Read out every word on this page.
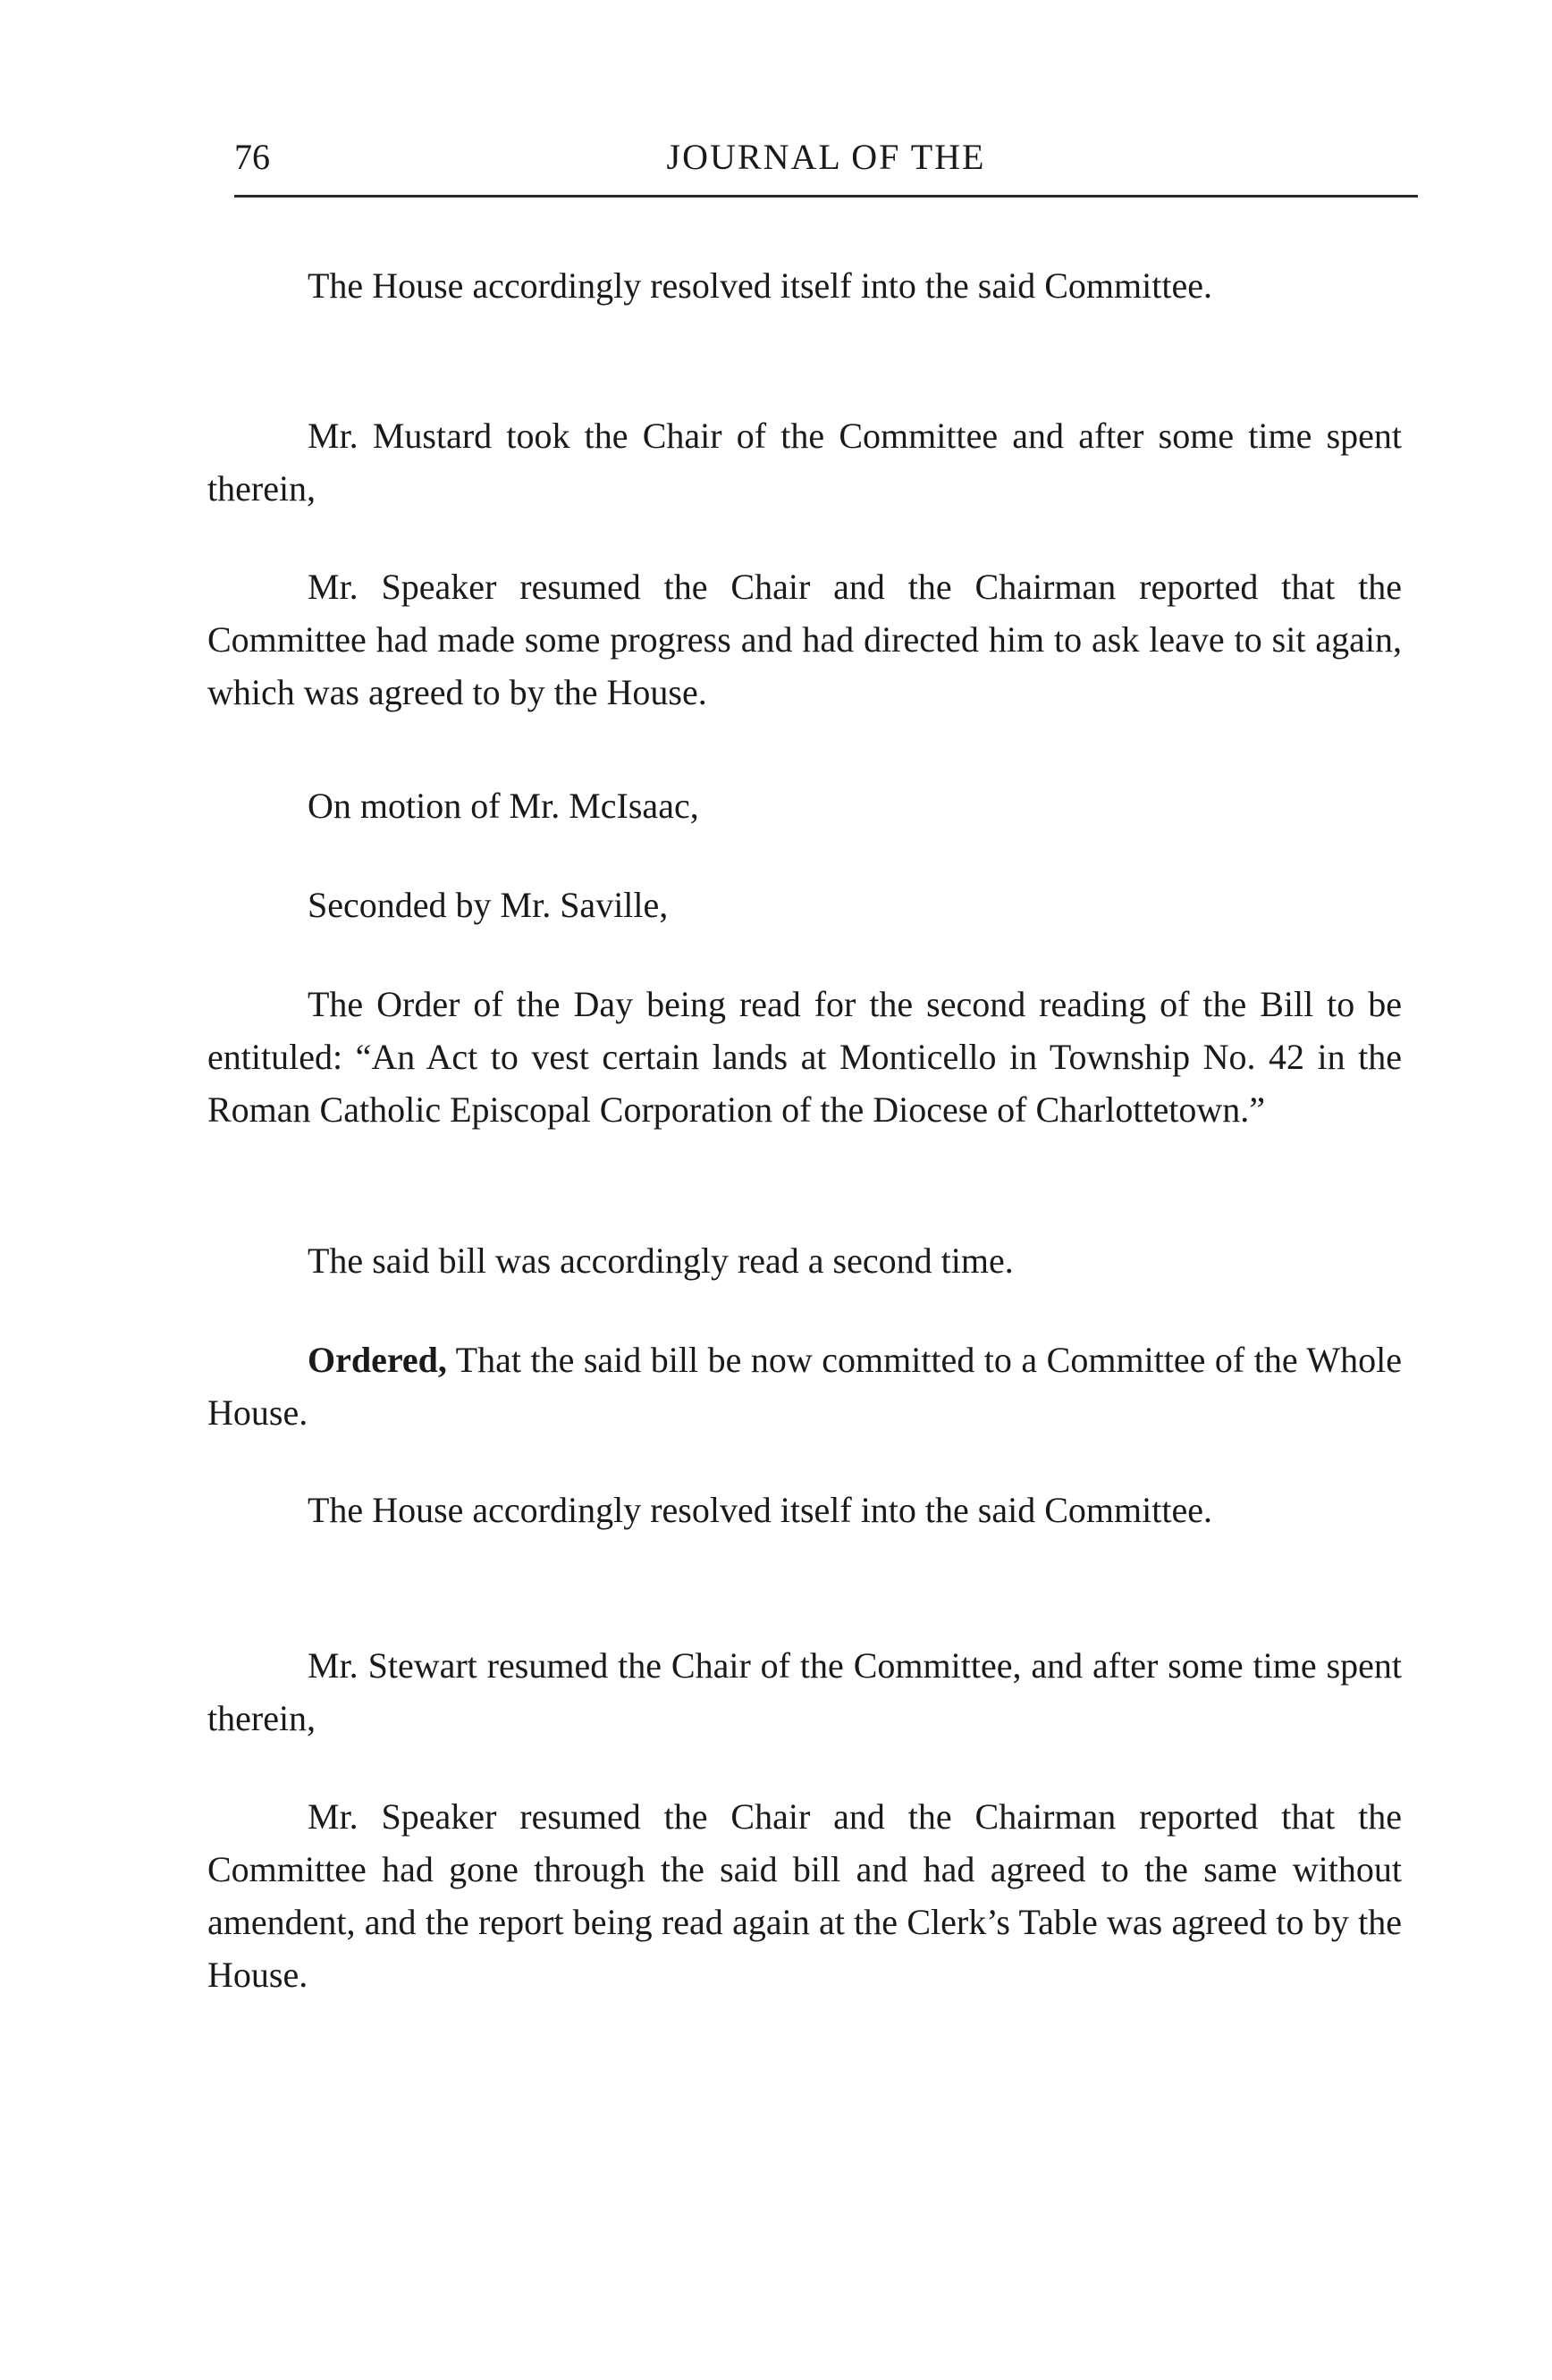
76	JOURNAL OF THE

The House accordingly resolved itself into the said Committee.

Mr. Mustard took the Chair of the Committee and after some time spent therein,

Mr. Speaker resumed the Chair and the Chairman reported that the Committee had made some progress and had directed him to ask leave to sit again, which was agreed to by the House.

On motion of Mr. McIsaac,

Seconded by Mr. Saville,

The Order of the Day being read for the second reading of the Bill to be entituled: “An Act to vest certain lands at Monticello in Township No. 42 in the Roman Catholic Episcopal Corporation of the Diocese of Charlottetown.”

The said bill was accordingly read a second time.

Ordered, That the said bill be now committed to a Committee of the Whole House.

The House accordingly resolved itself into the said Committee.

Mr. Stewart resumed the Chair of the Committee, and after some time spent therein,

Mr. Speaker resumed the Chair and the Chairman reported that the Committee had gone through the said bill and had agreed to the same without amendent, and the report being read again at the Clerk’s Table was agreed to by the House.
